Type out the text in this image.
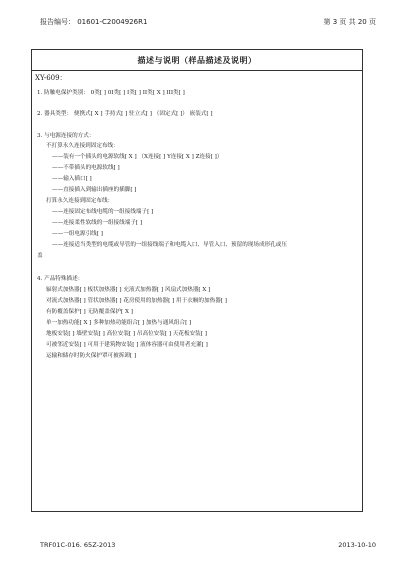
报告编号： 01601-C2004926R1	第 3 页 共 20 页
描述与说明（样品描述及说明）
XY-609：
1. 防触电保护类别： 0类[ ] 0I类[ ] I类[ ] II类[ X ] III类[ ]
2. 器具类型： 便携式[ X ] 手持式[ ] 驻立式[ ] （固定式[ ]） 嵌装式[ ]
3. 与电源连接的方式：
不打算永久连接到固定布线：
——装有一个插头的电源软线[ X ] （X连接[ ] Y连接[ X ] Z连接[ ]）
——不带插头的电源软线[ ]
——输入插口[ ]
——直接插入到输出插座的插脚[ ]
打算永久连接到固定布线：
——连接固定布线电缆的一组接线端子[ ]
——连接柔性软线的一组接线端子[ ]
——一组电源引线[ ]
——连接适当类型的电缆或导管的一组接线端子和电缆入口、导管入口、预留的现场成形孔或压
盖
4. 产品特殊描述：
辐射式加热器[ ] 板状加热器[ ] 充液式加热器[ ] 风扇式加热器[ X ]
对流式加热器[ ] 管状加热器[ ] 花房使用的加热器[ ] 用于衣橱的加热器[ ]
有防覆盖保护[ ] 无防覆盖保护[ X ]
单一加热功能[ X ] 多种加热功能组合[ ] 加热与通风组合[ ]
地板安装[ ] 墙壁安装[ ] 高位安装[ ] 吊高位安装[ ] 天花板安装[ ]
可被邻近安装[ ] 可用于建筑物安装[ ] 液体容器可由使用者充灌[ ]
运输和储存时防火保护罩可被拆卸[ ]
TRF01C-016. 65Z-2013	2013-10-10
